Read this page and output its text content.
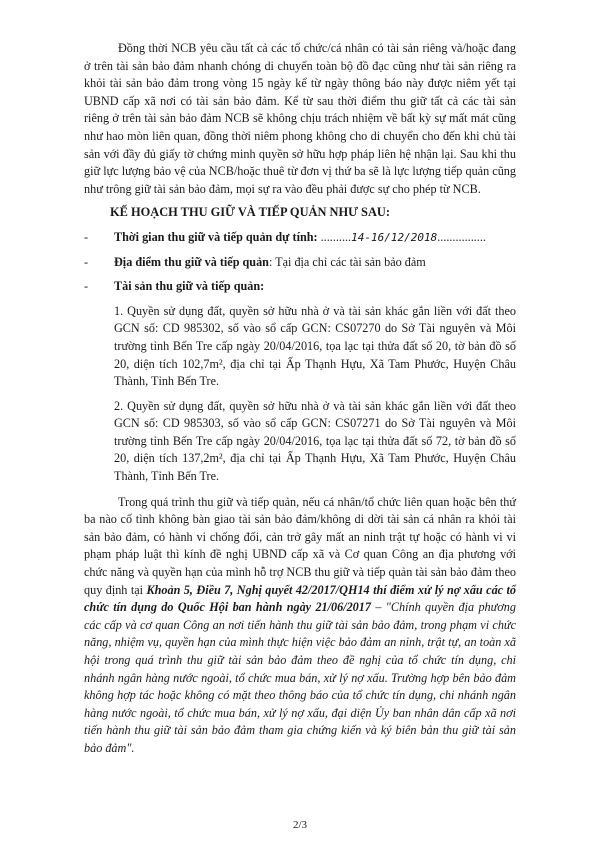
Đồng thời NCB yêu cầu tất cả các tổ chức/cá nhân có tài sản riêng và/hoặc đang ở trên tài sản bảo đảm nhanh chóng di chuyển toàn bộ đồ đạc cũng như tài sản riêng ra khỏi tài sản bảo đảm trong vòng 15 ngày kể từ ngày thông báo này được niêm yết tại UBND cấp xã nơi có tài sản bảo đảm. Kể từ sau thời điểm thu giữ tất cả các tài sản riêng ở trên tài sản bảo đảm NCB sẽ không chịu trách nhiệm về bất kỳ sự mất mát cũng như hao mòn liên quan, đồng thời niêm phong không cho di chuyển cho đến khi chủ tài sản với đầy đủ giấy tờ chứng minh quyền sở hữu hợp pháp liên hệ nhận lại. Sau khi thu giữ lực lượng bảo vệ của NCB/hoặc thuê từ đơn vị thứ ba sẽ là lực lượng tiếp quản cũng như trông giữ tài sản bảo đảm, mọi sự ra vào đều phải được sự cho phép từ NCB.

KẾ HOẠCH THU GIỮ VÀ TIẾP QUẢN NHƯ SAU:

-	Thời gian thu giữ và tiếp quản dự tính: ..........14-16/12/2018................
-	Địa điểm thu giữ và tiếp quản: Tại địa chỉ các tài sản bảo đảm
-	Tài sản thu giữ và tiếp quản:

1. Quyền sử dụng đất, quyền sở hữu nhà ở và tài sản khác gắn liền với đất theo GCN số: CD 985302, số vào sổ cấp GCN: CS07270 do Sở Tài nguyên và Môi trường tỉnh Bến Tre cấp ngày 20/04/2016, tọa lạc tại thửa đất số 20, tờ bản đồ số 20, diện tích 102,7m², địa chỉ tại Ấp Thạnh Hựu, Xã Tam Phước, Huyện Châu Thành, Tỉnh Bến Tre.

2. Quyền sử dụng đất, quyền sở hữu nhà ở và tài sản khác gắn liền với đất theo GCN số: CD 985303, số vào sổ cấp GCN: CS07271 do Sở Tài nguyên và Môi trường tỉnh Bến Tre cấp ngày 20/04/2016, tọa lạc tại thửa đất số 72, tờ bản đồ số 20, diện tích 137,2m², địa chỉ tại Ấp Thạnh Hựu, Xã Tam Phước, Huyện Châu Thành, Tỉnh Bến Tre.

Trong quá trình thu giữ và tiếp quản, nếu cá nhân/tổ chức liên quan hoặc bên thứ ba nào cố tình không bàn giao tài sản bảo đảm/không di dời tài sản cá nhân ra khỏi tài sản bảo đảm, có hành vi chống đối, cản trở gây mất an ninh trật tự hoặc có hành vi vi phạm pháp luật thì kính đề nghị UBND cấp xã và Cơ quan Công an địa phương với chức năng và quyền hạn của mình hỗ trợ NCB thu giữ và tiếp quản tài sản bảo đảm theo quy định tại Khoản 5, Điều 7, Nghị quyết 42/2017/QH14 thí điểm xử lý nợ xấu các tổ chức tín dụng do Quốc Hội ban hành ngày 21/06/2017 – "Chính quyền địa phương các cấp và cơ quan Công an nơi tiến hành thu giữ tài sản bảo đảm, trong phạm vi chức năng, nhiệm vụ, quyền hạn của mình thực hiện việc bảo đảm an ninh, trật tự, an toàn xã hội trong quá trình thu giữ tài sản bảo đảm theo đề nghị của tổ chức tín dụng, chi nhánh ngân hàng nước ngoài, tổ chức mua bán, xử lý nợ xấu. Trường hợp bên bảo đảm không hợp tác hoặc không có mặt theo thông báo của tổ chức tín dụng, chi nhánh ngân hàng nước ngoài, tổ chức mua bán, xử lý nợ xấu, đại diện Ủy ban nhân dân cấp xã nơi tiến hành thu giữ tài sản bảo đảm tham gia chứng kiến và ký biên bản thu giữ tài sản bảo đảm".

2/3
